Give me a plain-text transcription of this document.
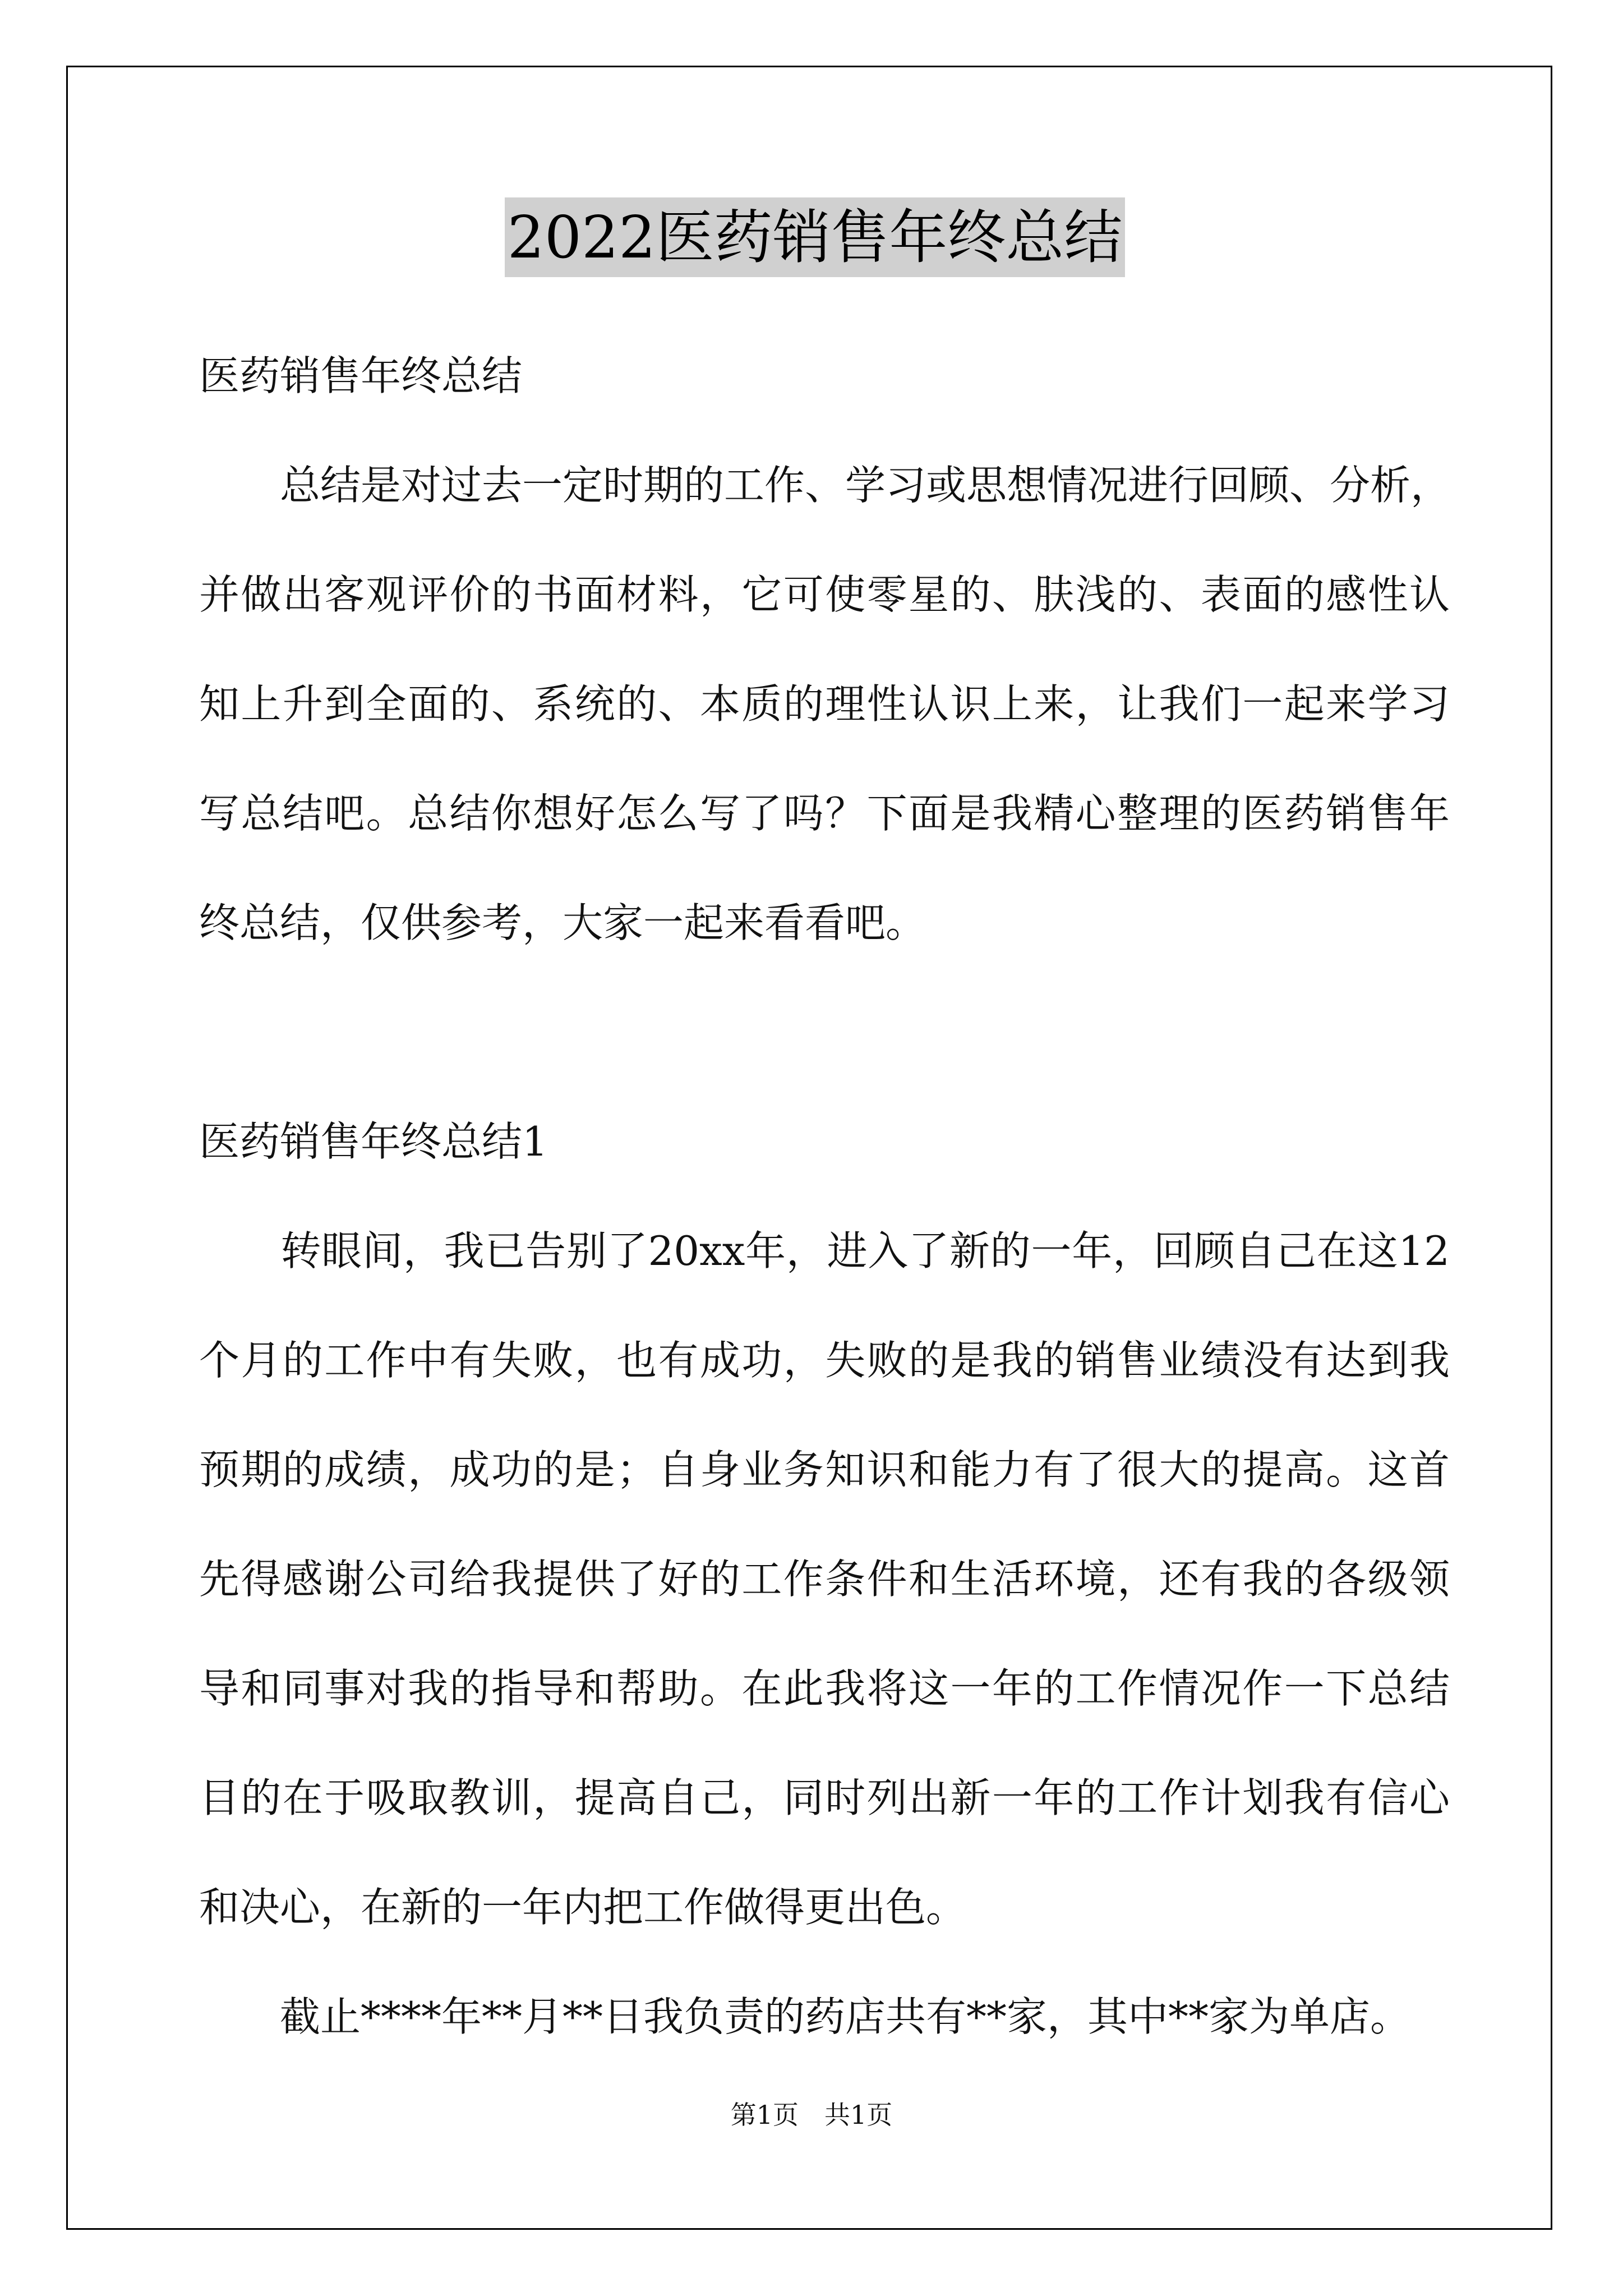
2022医药销售年终总结

医药销售年终总结

　　总结是对过去一定时期的工作、学习或思想情况进行回顾、分析，

并做出客观评价的书面材料，它可使零星的、肤浅的、表面的感性认

知上升到全面的、系统的、本质的理性认识上来，让我们一起来学习

写总结吧。总结你想好怎么写了吗？下面是我精心整理的医药销售年

终总结，仅供参考，大家一起来看看吧。

医药销售年终总结1

　　转眼间，我已告别了20xx年，进入了新的一年，回顾自己在这12

个月的工作中有失败，也有成功，失败的是我的销售业绩没有达到我

预期的成绩，成功的是；自身业务知识和能力有了很大的提高。这首

先得感谢公司给我提供了好的工作条件和生活环境，还有我的各级领

导和同事对我的指导和帮助。在此我将这一年的工作情况作一下总结

目的在于吸取教训，提高自己，同时列出新一年的工作计划我有信心

和决心，在新的一年内把工作做得更出色。

　　截止****年**月**日我负责的药店共有**家，其中**家为单店。

第1页　共1页
